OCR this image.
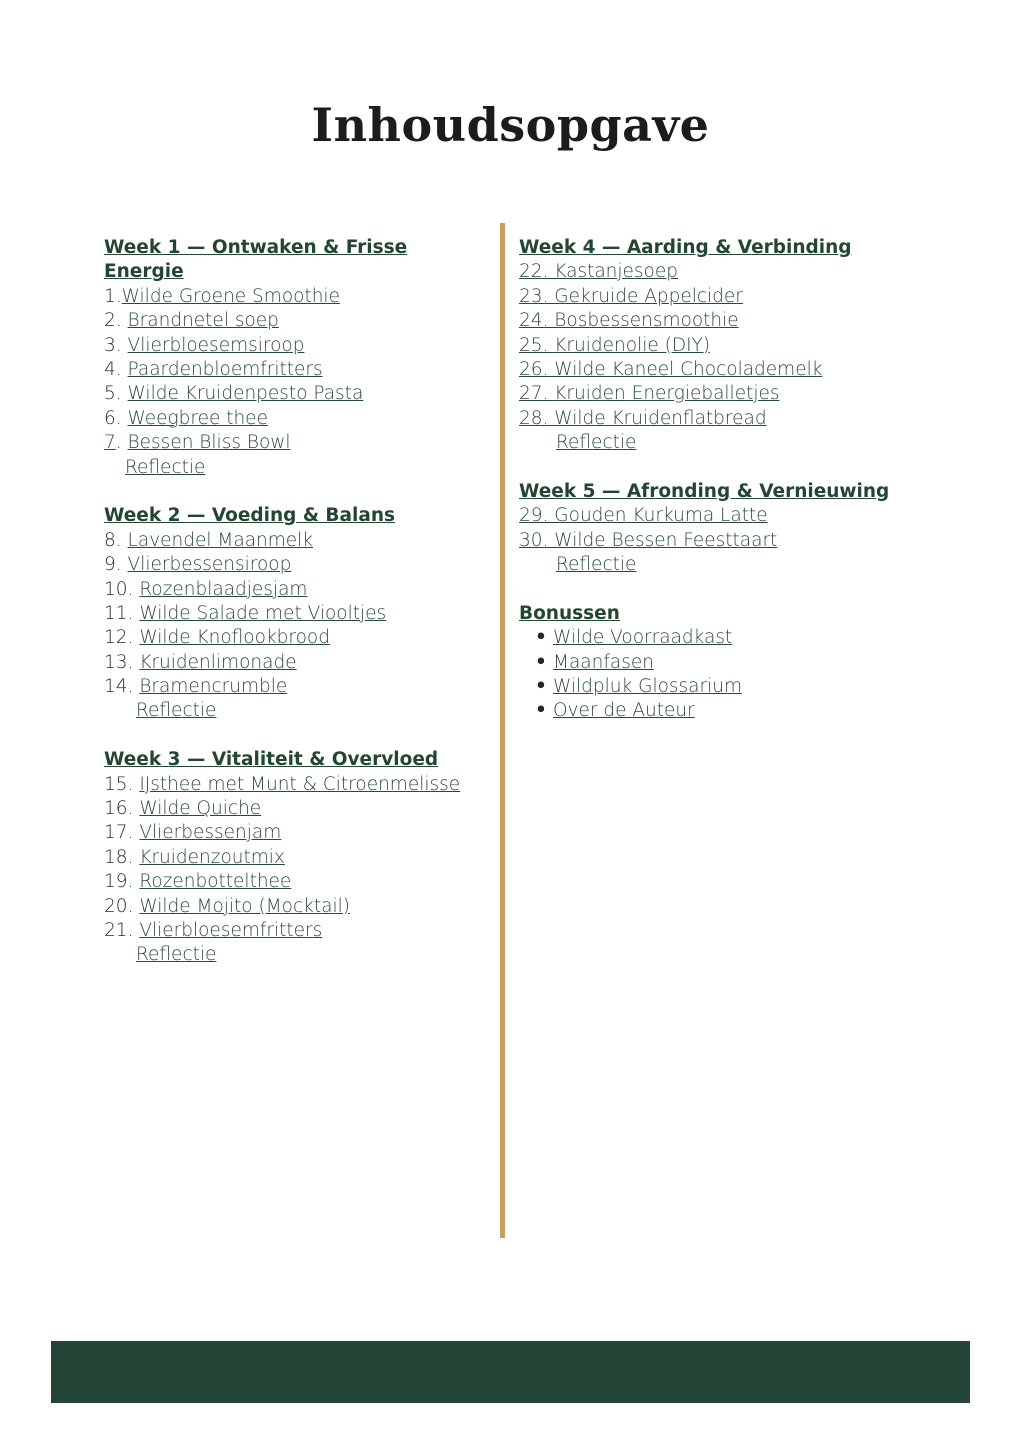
Inhoudsopgave
Week 1 — Ontwaken & Frisse Energie
1.Wilde Groene Smoothie
2. Brandnetel soep
3. Vlierbloesemsiroop
4. Paardenbloemfritters
5. Wilde Kruidenpesto Pasta
6. Weegbree thee
7. Bessen Bliss Bowl
Reflectie
Week 2 — Voeding & Balans
8. Lavendel Maanmelk
9. Vlierbessensiroop
10. Rozenblaadjesjam
11. Wilde Salade met Viooltjes
12. Wilde Knoflookbrood
13. Kruidenlimonade
14. Bramencrumble
Reflectie
Week 3 — Vitaliteit & Overvloed
15. IJsthee met Munt & Citroenmelisse
16. Wilde Quiche
17. Vlierbessenjam
18. Kruidenzoutmix
19. Rozenbottelthee
20. Wilde Mojito (Mocktail)
21. Vlierbloesemfritters
Reflectie
Week 4 — Aarding & Verbinding
22. Kastanjesoep
23. Gekruide Appelcider
24. Bosbessensmoothie
25. Kruidenolie (DIY)
26. Wilde Kaneel Chocolademelk
27. Kruiden Energieballetjes
28. Wilde Kruidenflatbread
Reflectie
Week 5 — Afronding & Vernieuwing
29. Gouden Kurkuma Latte
30. Wilde Bessen Feesttaart
Reflectie
Bonussen
• Wilde Voorraadkast
• Maanfasen
• Wildpluk Glossarium
• Over de Auteur
